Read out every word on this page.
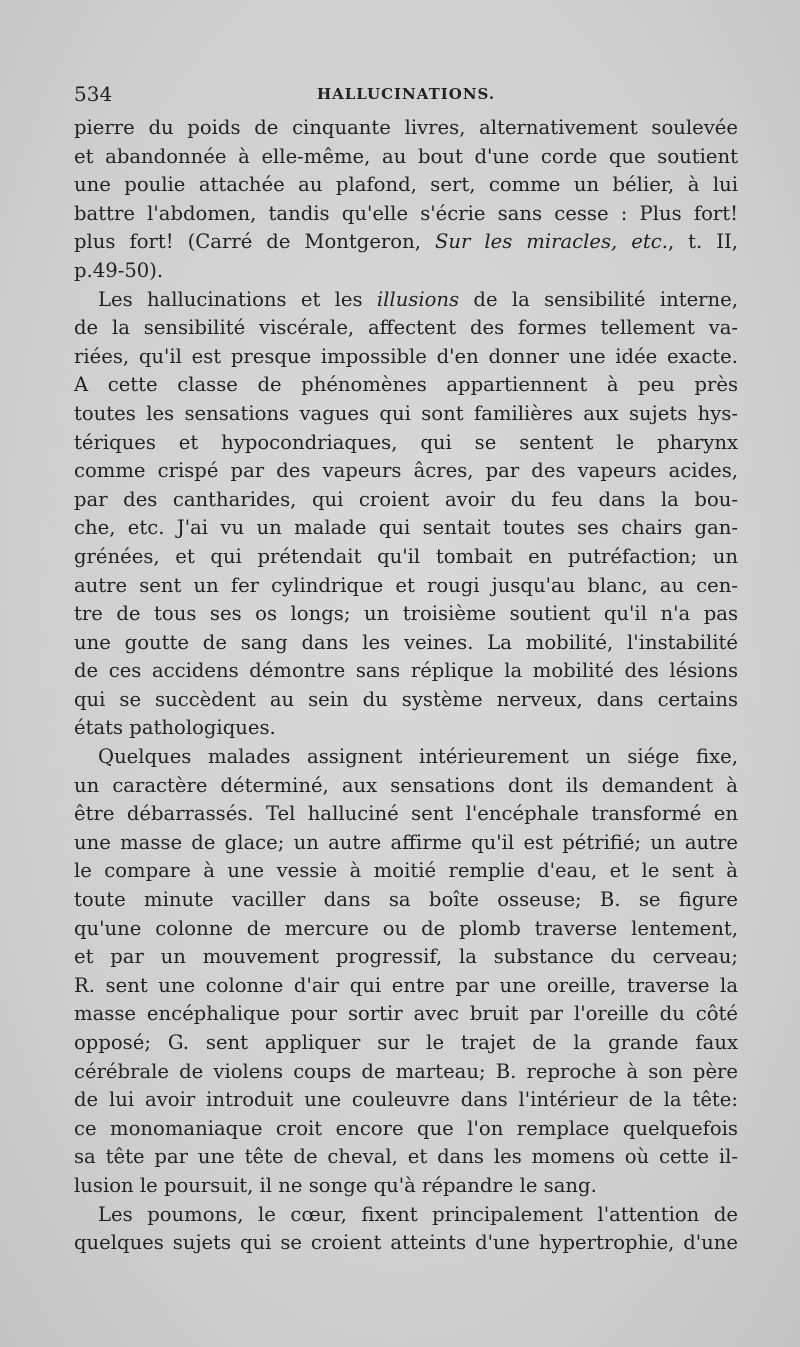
534	HALLUCINATIONS.
pierre du poids de cinquante livres, alternativement soulevée
et abandonnée à elle-même, au bout d'une corde que soutient
une poulie attachée au plafond, sert, comme un bélier, à lui
battre l'abdomen, tandis qu'elle s'écrie sans cesse : Plus fort!
plus fort! (Carré de Montgeron, Sur les miracles, etc., t. II,
p.49-50).
Les hallucinations et les illusions de la sensibilité interne,
de la sensibilité viscérale, affectent des formes tellement va-
riées, qu'il est presque impossible d'en donner une idée exacte.
A cette classe de phénomènes appartiennent à peu près
toutes les sensations vagues qui sont familières aux sujets hys-
tériques et hypocondriaques, qui se sentent le pharynx
comme crispé par des vapeurs âcres, par des vapeurs acides,
par des cantharides, qui croient avoir du feu dans la bou-
che, etc. J'ai vu un malade qui sentait toutes ses chairs gan-
grénées, et qui prétendait qu'il tombait en putréfaction; un
autre sent un fer cylindrique et rougi jusqu'au blanc, au cen-
tre de tous ses os longs; un troisième soutient qu'il n'a pas
une goutte de sang dans les veines. La mobilité, l'instabilité
de ces accidens démontre sans réplique la mobilité des lésions
qui se succèdent au sein du système nerveux, dans certains
états pathologiques.
Quelques malades assignent intérieurement un siége fixe,
un caractère déterminé, aux sensations dont ils demandent à
être débarrassés. Tel halluciné sent l'encéphale transformé en
une masse de glace; un autre affirme qu'il est pétrifié; un autre
le compare à une vessie à moitié remplie d'eau, et le sent à
toute minute vaciller dans sa boîte osseuse; B. se figure
qu'une colonne de mercure ou de plomb traverse lentement,
et par un mouvement progressif, la substance du cerveau;
R. sent une colonne d'air qui entre par une oreille, traverse la
masse encéphalique pour sortir avec bruit par l'oreille du côté
opposé; G. sent appliquer sur le trajet de la grande faux
cérébrale de violens coups de marteau; B. reproche à son père
de lui avoir introduit une couleuvre dans l'intérieur de la tête:
ce monomaniaque croit encore que l'on remplace quelquefois
sa tête par une tête de cheval, et dans les momens où cette il-
lusion le poursuit, il ne songe qu'à répandre le sang.
Les poumons, le cœur, fixent principalement l'attention de
quelques sujets qui se croient atteints d'une hypertrophie, d'une
